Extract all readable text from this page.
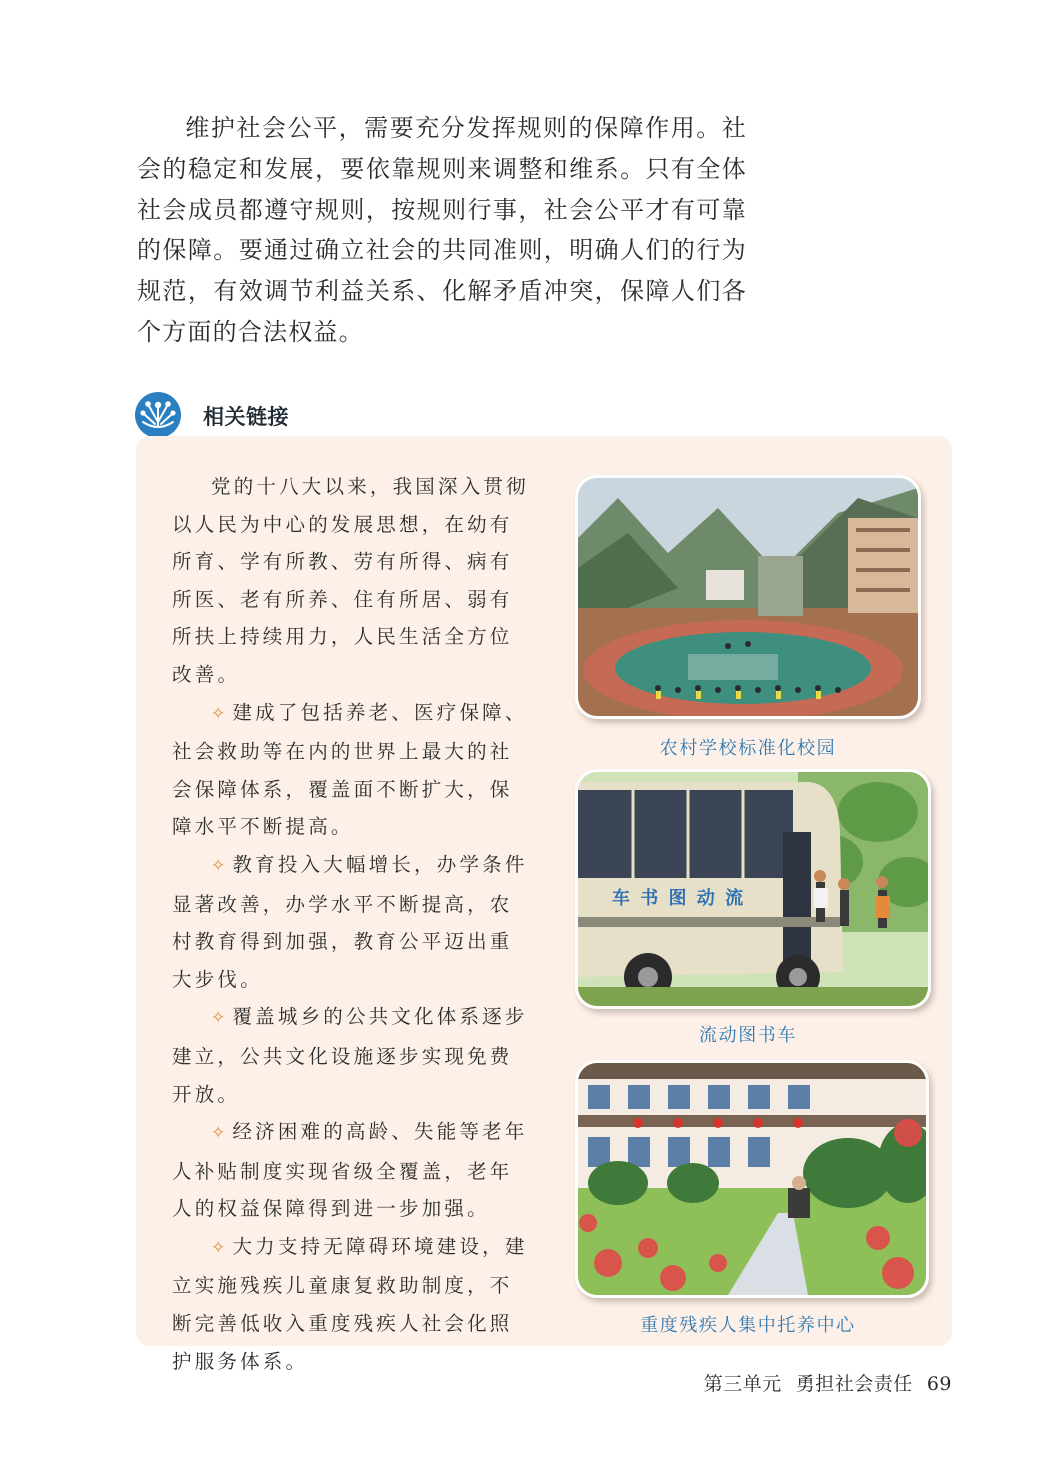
维护社会公平，需要充分发挥规则的保障作用。社会的稳定和发展，要依靠规则来调整和维系。只有全体社会成员都遵守规则，按规则行事，社会公平才有可靠的保障。要通过确立社会的共同准则，明确人们的行为规范，有效调节利益关系、化解矛盾冲突，保障人们各个方面的合法权益。

相关链接

党的十八大以来，我国深入贯彻以人民为中心的发展思想，在幼有所育、学有所教、劳有所得、病有所医、老有所养、住有所居、弱有所扶上持续用力，人民生活全方位改善。

✧ 建成了包括养老、医疗保障、社会救助等在内的世界上最大的社会保障体系，覆盖面不断扩大，保障水平不断提高。

✧ 教育投入大幅增长，办学条件显著改善，办学水平不断提高，农村教育得到加强，教育公平迈出重大步伐。

✧ 覆盖城乡的公共文化体系逐步建立，公共文化设施逐步实现免费开放。

✧ 经济困难的高龄、失能等老年人补贴制度实现省级全覆盖，老年人的权益保障得到进一步加强。

✧ 大力支持无障碍环境建设，建立实施残疾儿童康复救助制度，不断完善低收入重度残疾人社会化照护服务体系。

农村学校标准化校园
车 书 图 动 流
流动图书车
重度残疾人集中托养中心
第三单元 勇担社会责任 69
